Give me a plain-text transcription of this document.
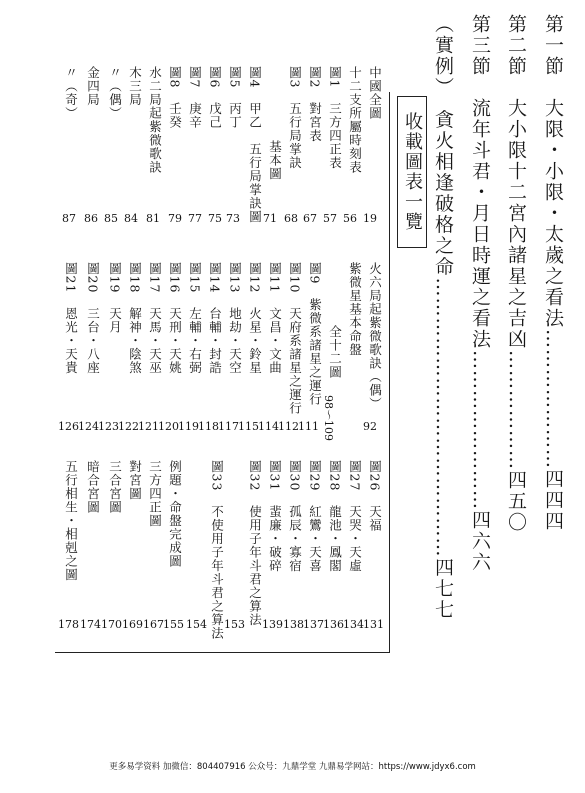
第一節　大限・小限・太歲之看法…………………四四四
第二節　大小限十二宮內諸星之吉凶………………四五〇
第三節　流年斗君・月日時運之看法……………………四六六
（實例）　貪火相逢破格之命……………………………………四七七
收載圖表一覽
中國全圖
十二支所屬時刻表
圖1　三方四正表
圖2　對宮表
圖3　五行局掌訣
基本圖
圖4　甲乙　五行局掌訣圖
圖5　丙丁
圖6　戊己
圖7　庚辛
圖8　壬癸
水二局起紫微歌訣
木三局
〃（偶）
金四局
〃（奇）
19
56
57
67
68
71
73
75
77
79
81
84
85
86
87
火六局起紫微歌訣（偶）
紫微星基本命盤
全十二圖
圖9　紫微系諸星之運行
圖10　天府系諸星之運行
圖11　文昌・文曲
圖12　火星・鈴星
圖13　地劫・天空
圖14　台輔・封誥
圖15　左輔・右弼
圖16　天刑・天姚
圖17　天馬・天巫
圖18　解神・陰煞
圖19　天月
圖20　三台・八座
圖21　恩光・天貴
92
98～109
111
112
114
115
117
118
119
120
121
122
123
124
126
圖26　天福
圖27　天哭・天虛
圖28　龍池・鳳閣
圖29　紅鸞・天喜
圖30　孤辰・寡宿
圖31　蜚廉・破碎
圖32　使用子年斗君之算法
圖33　不使用子年斗君之算法
例題・命盤完成圖
三方四正圖
對宮圖
三合宮圖
暗合宮圖
五行相生・相剋之圖
131
134
136
137
138
139
153
154
155
167
169
170
174
178
更多易学资料 加微信：804407916 公众号：九鼎学堂 九鼎易学网站：https://www.jdyx6.com
